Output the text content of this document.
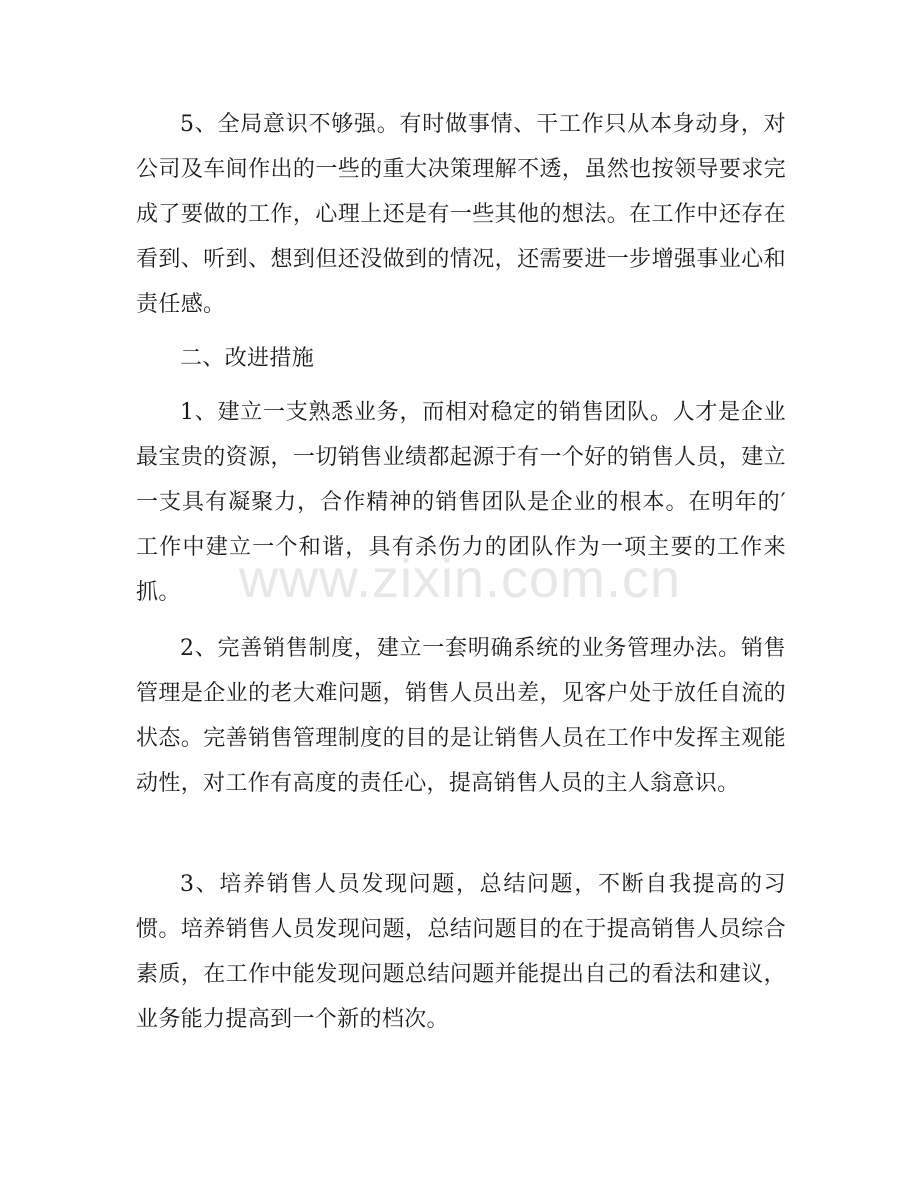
5、全局意识不够强。有时做事情、干工作只从本身动身，对公司及车间作出的一些的重大决策理解不透，虽然也按领导要求完成了要做的工作，心理上还是有一些其他的想法。在工作中还存在看到、听到、想到但还没做到的情况，还需要进一步增强事业心和责任感。

二、改进措施

1、建立一支熟悉业务，而相对稳定的销售团队。人才是企业最宝贵的资源，一切销售业绩都起源于有一个好的销售人员，建立一支具有凝聚力，合作精神的销售团队是企业的根本。在明年的′工作中建立一个和谐，具有杀伤力的团队作为一项主要的工作来抓。

2、完善销售制度，建立一套明确系统的业务管理办法。销售管理是企业的老大难问题，销售人员出差，见客户处于放任自流的状态。完善销售管理制度的目的是让销售人员在工作中发挥主观能动性，对工作有高度的责任心，提高销售人员的主人翁意识。

3、培养销售人员发现问题，总结问题，不断自我提高的习惯。培养销售人员发现问题，总结问题目的在于提高销售人员综合素质，在工作中能发现问题总结问题并能提出自己的看法和建议，业务能力提高到一个新的档次。

www.zixin.com.cn
